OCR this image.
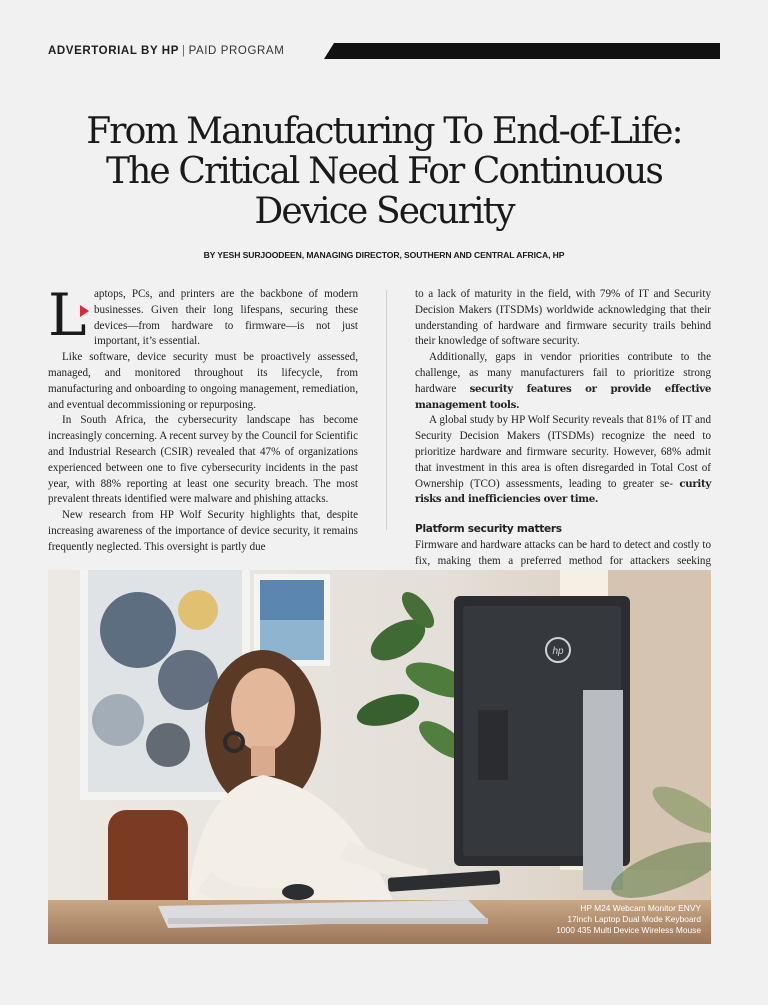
ADVERTORIAL BY HP | PAID PROGRAM
From Manufacturing To End-of-Life:
The Critical Need For Continuous
Device Security
BY YESH SURJOODEEN, MANAGING DIRECTOR, SOUTHERN AND CENTRAL AFRICA, HP

Laptops, PCs, and printers are the backbone of modern businesses. Given their long lifespans, securing these devices—from hardware to firmware—is not just important, it’s essential.

Like software, device security must be proactively assessed, managed, and monitored throughout its lifecycle, from manufacturing and onboarding to ongoing management, remediation, and eventual decommissioning or repurposing.

In South Africa, the cybersecurity landscape has become increasingly concerning. A recent survey by the Council for Scientific and Industrial Research (CSIR) revealed that 47% of organizations experienced between one to five cybersecurity incidents in the past year, with 88% reporting at least one security breach. The most prevalent threats identified were malware and phishing attacks.

New research from HP Wolf Security highlights that, despite increasing awareness of the importance of device security, it remains frequently neglected. This oversight is partly due

to a lack of maturity in the field, with 79% of IT and Security Decision Makers (ITSDMs) worldwide acknowledging that their understanding of hardware and firmware security trails behind their knowledge of software security.

Additionally, gaps in vendor priorities contribute to the challenge, as many manufacturers fail to prioritize strong hardware security features or provide effective management tools.

A global study by HP Wolf Security reveals that 81% of IT and Security Decision Makers (ITSDMs) recognize the need to prioritize hardware and firmware security. However, 68% admit that investment in this area is often disregarded in Total Cost of Ownership (TCO) assessments, leading to greater se- curity risks and inefficiencies over time.

Platform security matters

Firmware and hardware attacks can be hard to detect and costly to fix, making them a preferred method for attackers seeking

hp
HP M24 Webcam Monitor ENVY
17inch Laptop Dual Mode Keyboard
1000 435 Multi Device Wireless Mouse
